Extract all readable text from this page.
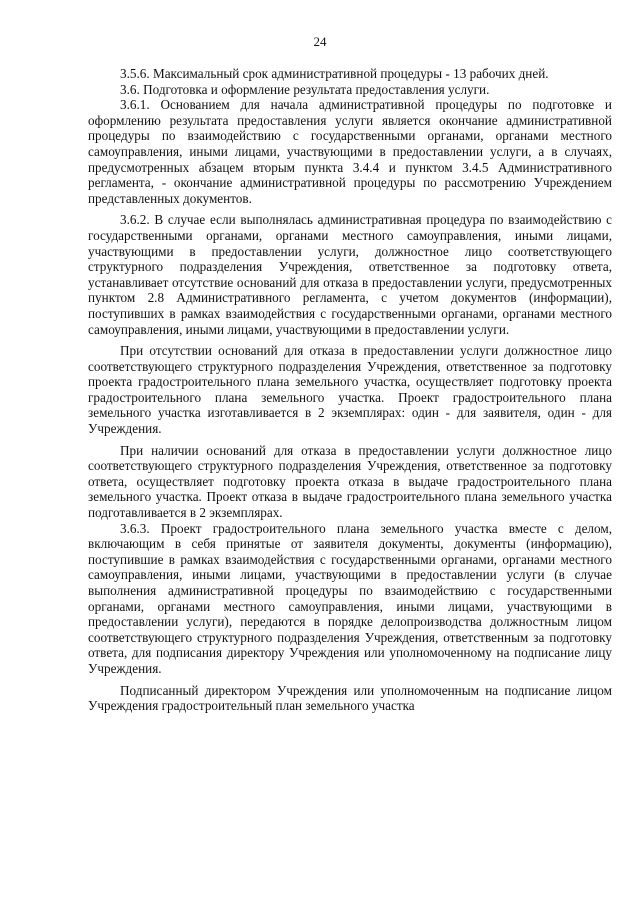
24

3.5.6. Максимальный срок административной процедуры - 13 рабочих дней.

3.6. Подготовка и оформление результата предоставления услуги.

3.6.1. Основанием для начала административной процедуры по подготовке и оформлению результата предоставления услуги является окончание административной процедуры по взаимодействию с государственными органами, органами местного самоуправления, иными лицами, участвующими в предоставлении услуги, а в случаях, предусмотренных абзацем вторым пункта 3.4.4 и пунктом 3.4.5 Административного регламента, - окончание административной процедуры по рассмотрению Учреждением представленных документов.

3.6.2. В случае если выполнялась административная процедура по взаимодействию с государственными органами, органами местного самоуправления, иными лицами, участвующими в предоставлении услуги, должностное лицо соответствующего структурного подразделения Учреждения, ответственное за подготовку ответа, устанавливает отсутствие оснований для отказа в предоставлении услуги, предусмотренных пунктом 2.8 Административного регламента, с учетом документов (информации), поступивших в рамках взаимодействия с государственными органами, органами местного самоуправления, иными лицами, участвующими в предоставлении услуги.

При отсутствии оснований для отказа в предоставлении услуги должностное лицо соответствующего структурного подразделения Учреждения, ответственное за подготовку проекта градостроительного плана земельного участка, осуществляет подготовку проекта градостроительного плана земельного участка. Проект градостроительного плана земельного участка изготавливается в 2 экземплярах: один - для заявителя, один - для Учреждения.

При наличии оснований для отказа в предоставлении услуги должностное лицо соответствующего структурного подразделения Учреждения, ответственное за подготовку ответа, осуществляет подготовку проекта отказа в выдаче градостроительного плана земельного участка. Проект отказа в выдаче градостроительного плана земельного участка подготавливается в 2 экземплярах.

3.6.3. Проект градостроительного плана земельного участка вместе с делом, включающим в себя принятые от заявителя документы, документы (информацию), поступившие в рамках взаимодействия с государственными органами, органами местного самоуправления, иными лицами, участвующими в предоставлении услуги (в случае выполнения административной процедуры по взаимодействию с государственными органами, органами местного самоуправления, иными лицами, участвующими в предоставлении услуги), передаются в порядке делопроизводства должностным лицом соответствующего структурного подразделения Учреждения, ответственным за подготовку ответа, для подписания директору Учреждения или уполномоченному на подписание лицу Учреждения.

Подписанный директором Учреждения или уполномоченным на подписание лицом Учреждения градостроительный план земельного участка
